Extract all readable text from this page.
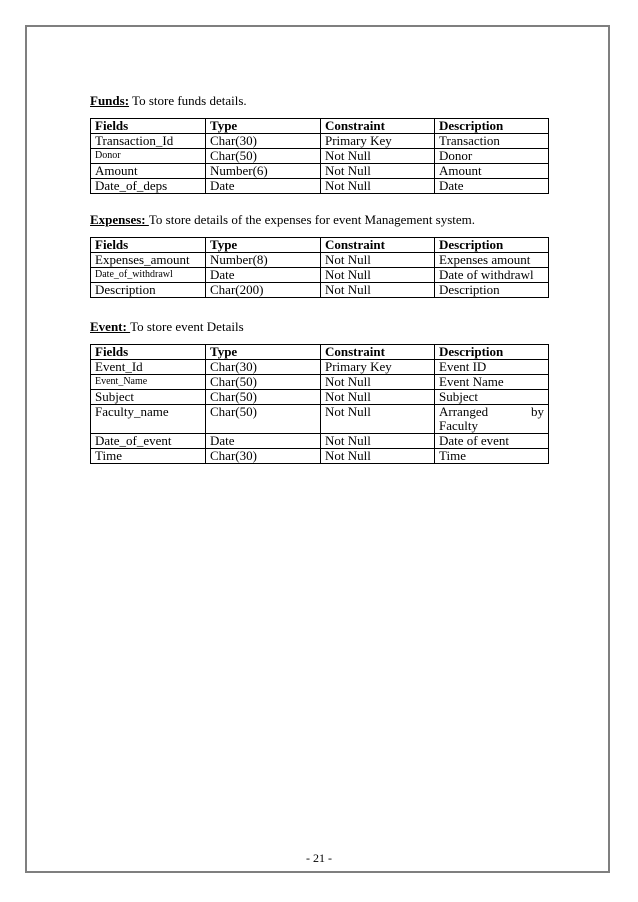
Funds: To store funds details.

Fields	Type	Constraint	Description
Transaction_Id	Char(30)	Primary Key	Transaction
Donor	Char(50)	Not Null	Donor
Amount	Number(6)	Not Null	Amount
Date_of_deps	Date	Not Null	Date

Expenses: To store details of the expenses for event Management system.

Fields	Type	Constraint	Description
Expenses_amount	Number(8)	Not Null	Expenses amount
Date_of_withdrawl	Date	Not Null	Date of withdrawl
Description	Char(200)	Not Null	Description

Event: To store event Details

Fields	Type	Constraint	Description
Event_Id	Char(30)	Primary Key	Event ID
Event_Name	Char(50)	Not Null	Event Name
Subject	Char(50)	Not Null	Subject
Faculty_name	Char(50)	Not Null	Arranged by
Faculty

Date_of_event	Date	Not Null	Date of event
Time	Char(30)	Not Null	Time
- 21 -
